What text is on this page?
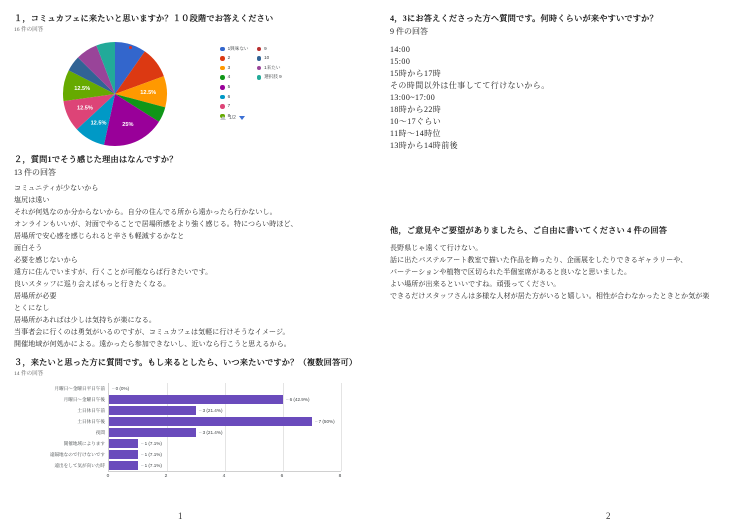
１，コミュカフェに来たいと思いますか？１０段階でお答えください
16 件の回答
12.5%
25%
12.5%
12.5%
12.5%
1興味ない
2
3
4
5
6
7
8
9
10
1来たい
選択肢 9
1/2
２，質問1でそう感じた理由はなんですか？
13 件の回答
コミュニティが少ないから
塩尻は遠い
それが何処なのか分からないから。自分の住んでる所から遠かったら行かないし。
オンラインもいいが、対面でやることで居場所感をより強く感じる。特につらい時ほど、
居場所で安心感を感じられると辛さも軽減するかなと
面白そう
必要を感じないから
遠方に住んでいますが、行くことが可能ならば行きたいです。
良いスタッフに巡り会えばもっと行きたくなる。
居場所が必要
とくになし
居場所があればは少しは気持ちが楽になる。
当事者会に行くのは勇気がいるのですが、コミュカフェは気軽に行けそうなイメージ。
開催地域が何処かによる。遠かったら参加できないし、近いなら行こうと思えるから。
３，来たいと思った方に質問です。もし来るとしたら、いつ来たいですか？（複数回答可）
14 件の回答
月曜日〜金曜日平日午前	– 0 (0%)
月曜日〜金曜日午後	– 6 (42.9%)
土日休日午前	– 3 (21.4%)
土日休日午後	– 7 (50%)
夜間	– 3 (21.4%)
開催地域によります	– 1 (7.1%)
遠隔地なので行けないです	– 1 (7.1%)
遠出をして気が向いた時	– 1 (7.1%)
0	2	4	6	8
1
4，3にお答えくださった方へ質問です。何時くらいが来やすいですか？
9 件の回答
14:00
15:00
15時から17時
その時間以外は仕事してて行けないから。
13:00~17:00
18時から22時
10〜17ぐらい
11時〜14時位
13時から14時前後
他，ご意見やご要望がありましたら、ご自由に書いてください 4 件の回答
長野県じゃ遠くて行けない。
話に出たパステルアート教室で描いた作品を飾ったり、企画展をしたりできるギャラリーや、
パーテーションや植物で区切られた半個室席があると良いなと思いました。
よい場所が出来るといいですね。頑張ってください。
できるだけスタッフさんは多様な人材が居た方がいると嬉しい。相性が合わなかったときとか気が楽
2
